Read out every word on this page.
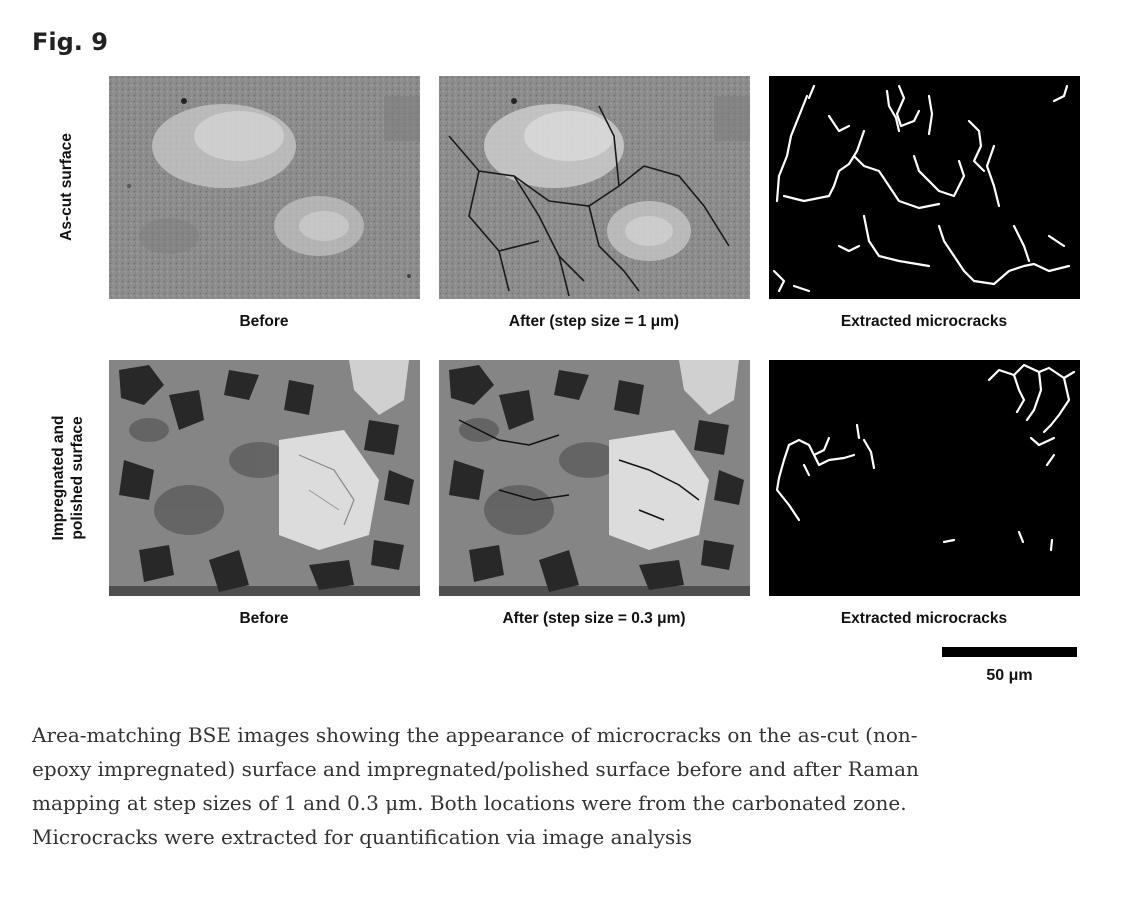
Fig. 9
As-cut surface
Impregnated and polished surface
Before	After (step size = 1 μm)	Extracted microcracks
Before	After (step size = 0.3 μm)	Extracted microcracks
50 μm
Area-matching BSE images showing the appearance of microcracks on the as-cut (non-
epoxy impregnated) surface and impregnated/polished surface before and after Raman
mapping at step sizes of 1 and 0.3 μm. Both locations were from the carbonated zone.
Microcracks were extracted for quantification via image analysis
